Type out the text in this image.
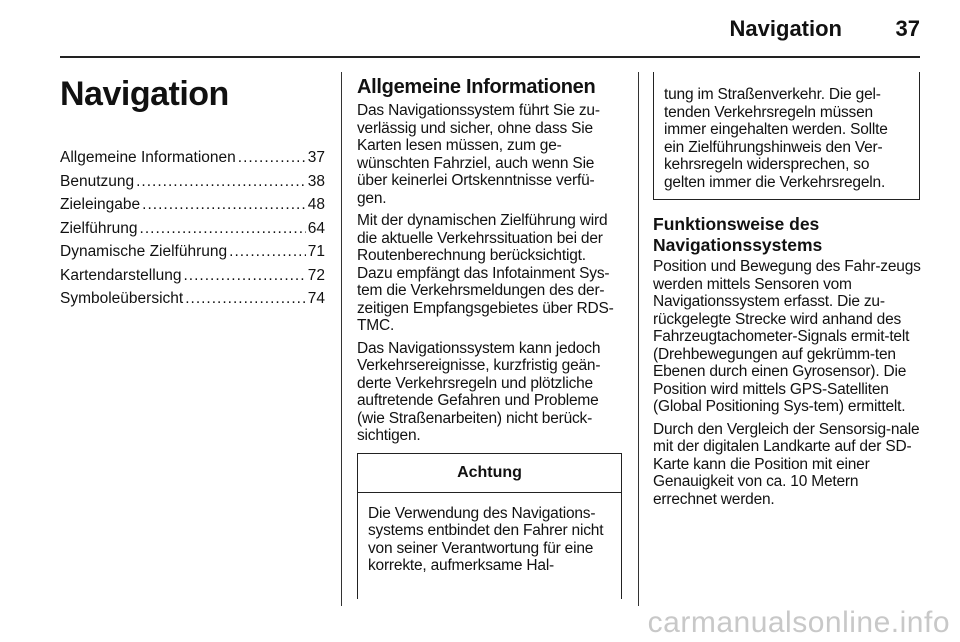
Navigation 37
Navigation
Allgemeine Informationen .....	37
Benutzung .....	38
Zieleingabe .....	48
Zielführung .....	64
Dynamische Zielführung .....	71
Kartendarstellung .....	72
Symboleübersicht .....	74
Allgemeine Informationen

Das Navigationssystem führt Sie zu-verlässig und sicher, ohne dass Sie Karten lesen müssen, zum ge-wünschten Fahrziel, auch wenn Sie über keinerlei Ortskenntnisse verfü-gen.

Mit der dynamischen Zielführung wird die aktuelle Verkehrssituation bei der Routenberechnung berücksichtigt. Dazu empfängt das Infotainment Sys-tem die Verkehrsmeldungen des der-zeitigen Empfangsgebietes über RDS-TMC.

Das Navigationssystem kann jedoch Verkehrsereignisse, kurzfristig geän-derte Verkehrsregeln und plötzliche auftretende Gefahren und Probleme (wie Straßenarbeiten) nicht berück-sichtigen.

Achtung
Die Verwendung des Navigations-systems entbindet den Fahrer nicht von seiner Verantwortung für eine korrekte, aufmerksame Hal-
tung im Straßenverkehr. Die gel-tenden Verkehrsregeln müssen immer eingehalten werden. Sollte ein Zielführungshinweis den Ver-kehrsregeln widersprechen, so gelten immer die Verkehrsregeln.
Funktionsweise des Navigationssystems

Position und Bewegung des Fahr-zeugs werden mittels Sensoren vom Navigationssystem erfasst. Die zu-rückgelegte Strecke wird anhand des Fahrzeugtachometer-Signals ermit-telt (Drehbewegungen auf gekrümm-ten Ebenen durch einen Gyrosensor). Die Position wird mittels GPS-Satelliten (Global Positioning Sys-tem) ermittelt.

Durch den Vergleich der Sensorsig-nale mit der digitalen Landkarte auf der SD-Karte kann die Position mit einer Genauigkeit von ca. 10 Metern errechnet werden.

carmanualsonline.info
